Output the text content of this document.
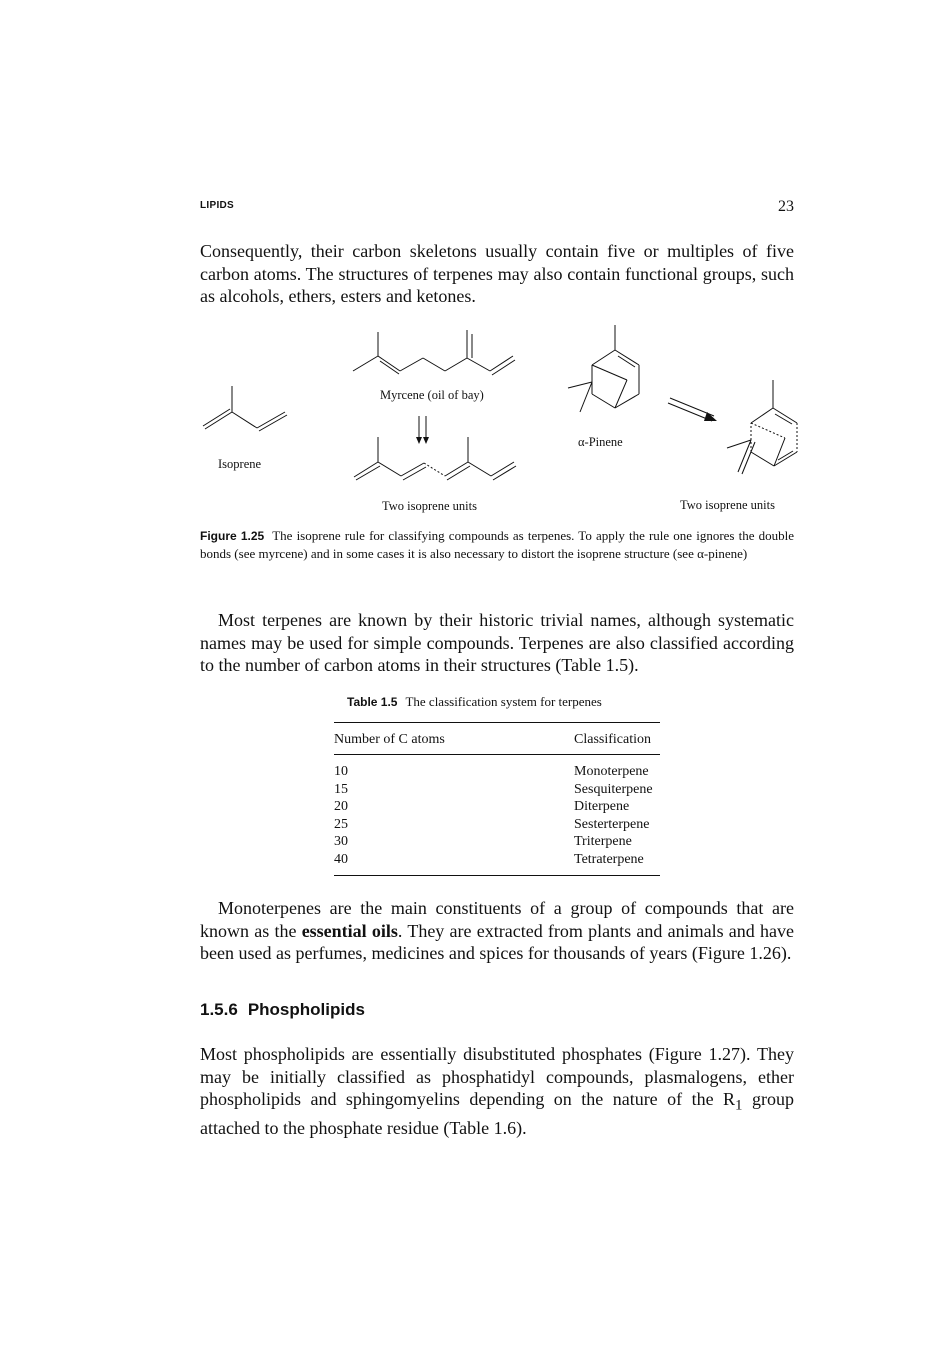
LIPIDS	23

Consequently, their carbon skeletons usually contain five or multiples of five carbon atoms. The structures of terpenes may also contain functional groups, such as alcohols, ethers, esters and ketones.

Myrcene (oil of bay)
Isoprene
α-Pinene
Two isoprene units	Two isoprene units

Figure 1.25 The isoprene rule for classifying compounds as terpenes. To apply the rule one ignores the double bonds (see myrcene) and in some cases it is also necessary to distort the isoprene structure (see α-pinene)

Most terpenes are known by their historic trivial names, although systematic names may be used for simple compounds. Terpenes are also classified according to the number of carbon atoms in their structures (Table 1.5).

Table 1.5 The classification system for terpenes
Number of C atoms	Classification
10	Monoterpene
15	Sesquiterpene
20	Diterpene
25	Sesterterpene
30	Triterpene
40	Tetraterpene

Monoterpenes are the main constituents of a group of compounds that are known as the essential oils. They are extracted from plants and animals and have been used as perfumes, medicines and spices for thousands of years (Figure 1.26).

1.5.6 Phospholipids

Most phospholipids are essentially disubstituted phosphates (Figure 1.27). They may be initially classified as phosphatidyl compounds, plasmalogens, ether phospholipids and sphingomyelins depending on the nature of the $R_1$ group attached to the phosphate residue (Table 1.6).
